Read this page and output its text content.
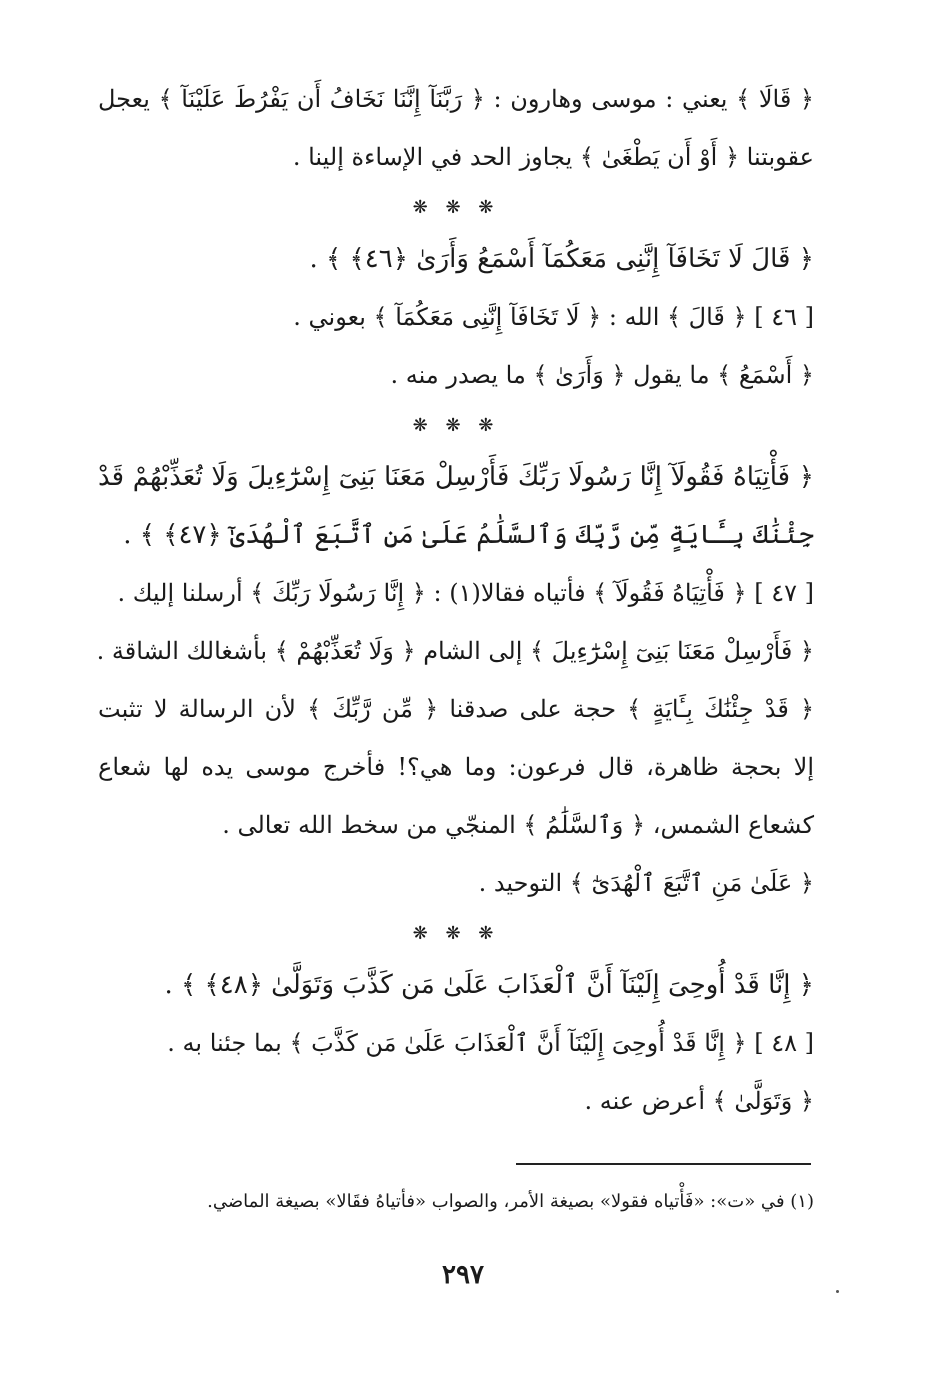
﴿ قَالَا ﴾ يعني : موسى وهارون : ﴿ رَبَّنَآ إِنَّنَا نَخَافُ أَن يَفْرُطَ عَلَيْنَآ ﴾ يعجل
عقوبتنا ﴿ أَوْ أَن يَطْغَىٰ ﴾ يجاوز الحد في الإساءة إلينا .
❋ ❋ ❋
﴿ قَالَ لَا تَخَافَآ إِنَّنِى مَعَكُمَآ أَسْمَعُ وَأَرَىٰ ﴿٤٦﴾ ﴾ .
[ ٤٦ ] ﴿ قَالَ ﴾ الله : ﴿ لَا تَخَافَآ إِنَّنِى مَعَكُمَآ ﴾ بعوني .
﴿ أَسْمَعُ ﴾ ما يقول ﴿ وَأَرَىٰ ﴾ ما يصدر منه .
❋ ❋ ❋
﴿ فَأْتِيَاهُ فَقُولَآ إِنَّا رَسُولَا رَبِّكَ فَأَرْسِلْ مَعَنَا بَنِىٓ إِسْرَٰٓءِيلَ وَلَا تُعَذِّبْهُمْ قَدْ
جِئْنَٰكَ بِـَٔايَةٍ مِّن رَّبِّكَ وَٱلسَّلَٰمُ عَلَىٰ مَنِ ٱتَّبَعَ ٱلْهُدَىٰٓ ﴿٤٧﴾ ﴾ .
[ ٤٧ ] ﴿ فَأْتِيَاهُ فَقُولَآ ﴾ فأتياه فقالا(١) : ﴿ إِنَّا رَسُولَا رَبِّكَ ﴾ أرسلنا إليك .
﴿ فَأَرْسِلْ مَعَنَا بَنِىٓ إِسْرَٰٓءِيلَ ﴾ إلى الشام ﴿ وَلَا تُعَذِّبْهُمْ ﴾ بأشغالك الشاقة .
﴿ قَدْ جِئْنَٰكَ بِـَٔايَةٍ ﴾ حجة على صدقنا ﴿ مِّن رَّبِّكَ ﴾ لأن الرسالة لا تثبت
إلا بحجة ظاهرة، قال فرعون: وما هي؟! فأخرج موسى يده لها شعاع
كشعاع الشمس، ﴿ وَٱلسَّلَٰمُ ﴾ المنجّي من سخط الله تعالى .
﴿ عَلَىٰ مَنِ ٱتَّبَعَ ٱلْهُدَىٰٓ ﴾ التوحيد .
❋ ❋ ❋
﴿ إِنَّا قَدْ أُوحِىَ إِلَيْنَآ أَنَّ ٱلْعَذَابَ عَلَىٰ مَن كَذَّبَ وَتَوَلَّىٰ ﴿٤٨﴾ ﴾ .
[ ٤٨ ] ﴿ إِنَّا قَدْ أُوحِىَ إِلَيْنَآ أَنَّ ٱلْعَذَابَ عَلَىٰ مَن كَذَّبَ ﴾ بما جئنا به .
﴿ وَتَوَلَّىٰ ﴾ أعرض عنه .
(١) في «ت»: «فَأْتياه فقولا» بصيغة الأمر، والصواب «فأتياهُ فقَالا» بصيغة الماضي.
٢٩٧
